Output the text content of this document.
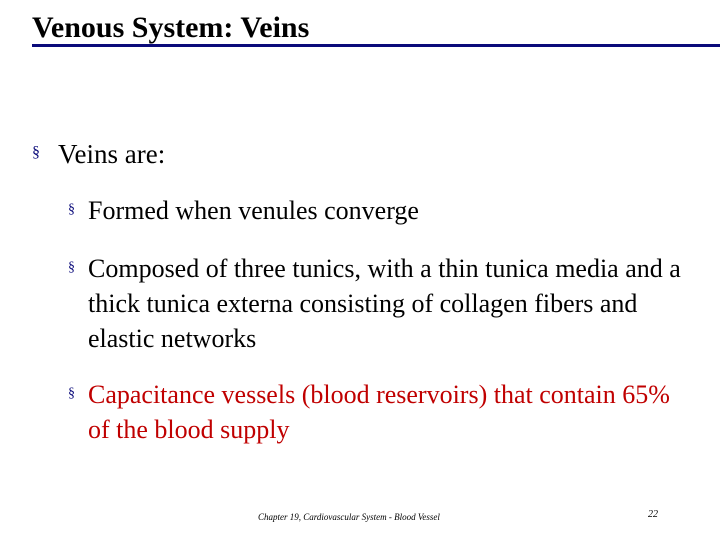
Venous System: Veins
§ Veins are:
§ Formed when venules converge
§ Composed of three tunics, with a thin tunica media and a thick tunica externa consisting of collagen fibers and elastic networks
§ Capacitance vessels (blood reservoirs) that contain 65% of the blood supply
Chapter 19, Cardiovascular System - Blood Vessel	22
